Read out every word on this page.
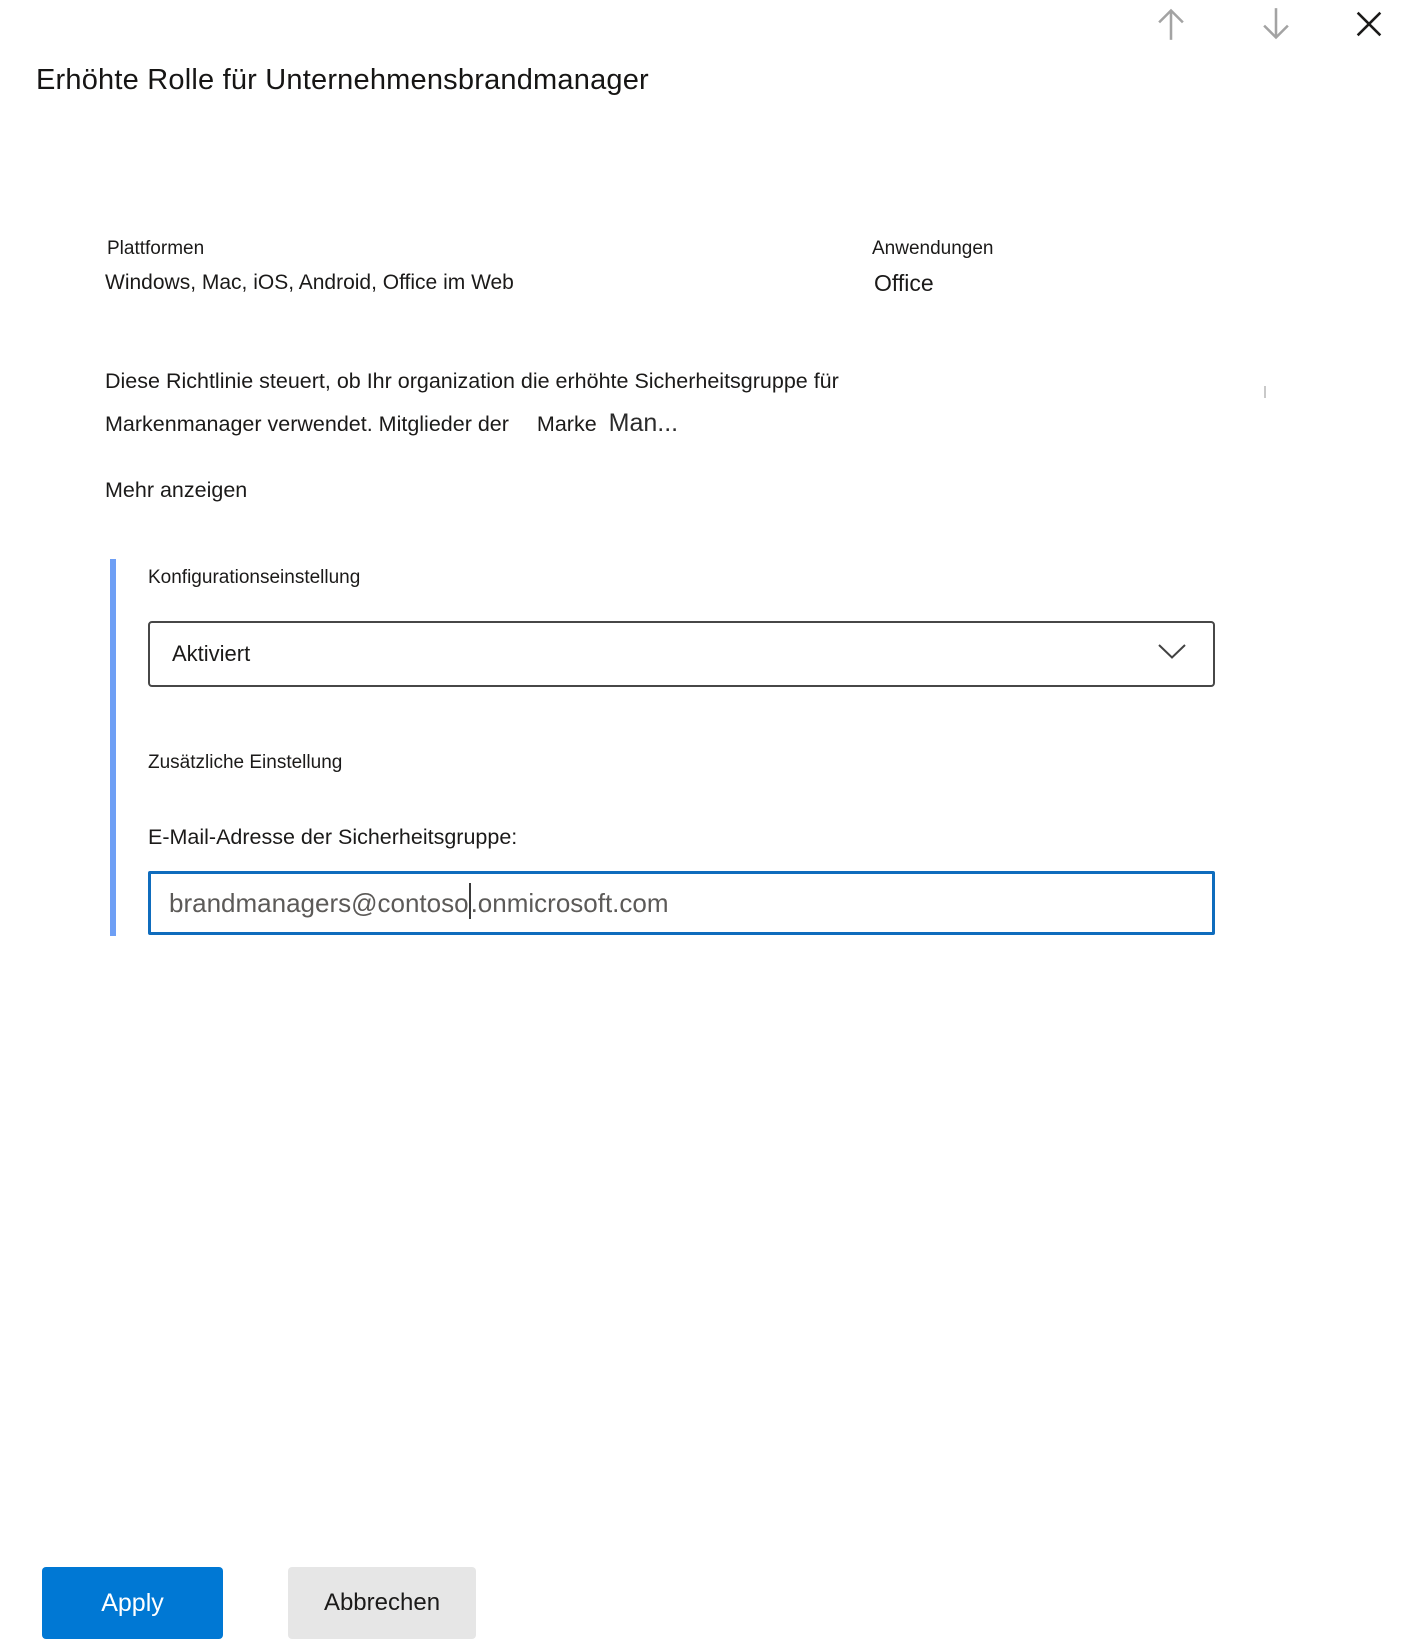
Erhöhte Rolle für Unternehmensbrandmanager
Plattformen
Windows, Mac, iOS, Android, Office im Web
Anwendungen
Office
Diese Richtlinie steuert, ob Ihr organization die erhöhte Sicherheitsgruppe für
Markenmanager verwendet. Mitglieder der Marke Man...
Mehr anzeigen
Konfigurationseinstellung
Aktiviert
Zusätzliche Einstellung
E-Mail-Adresse der Sicherheitsgruppe:
brandmanagers@contoso .onmicrosoft.com
Apply	Abbrechen
